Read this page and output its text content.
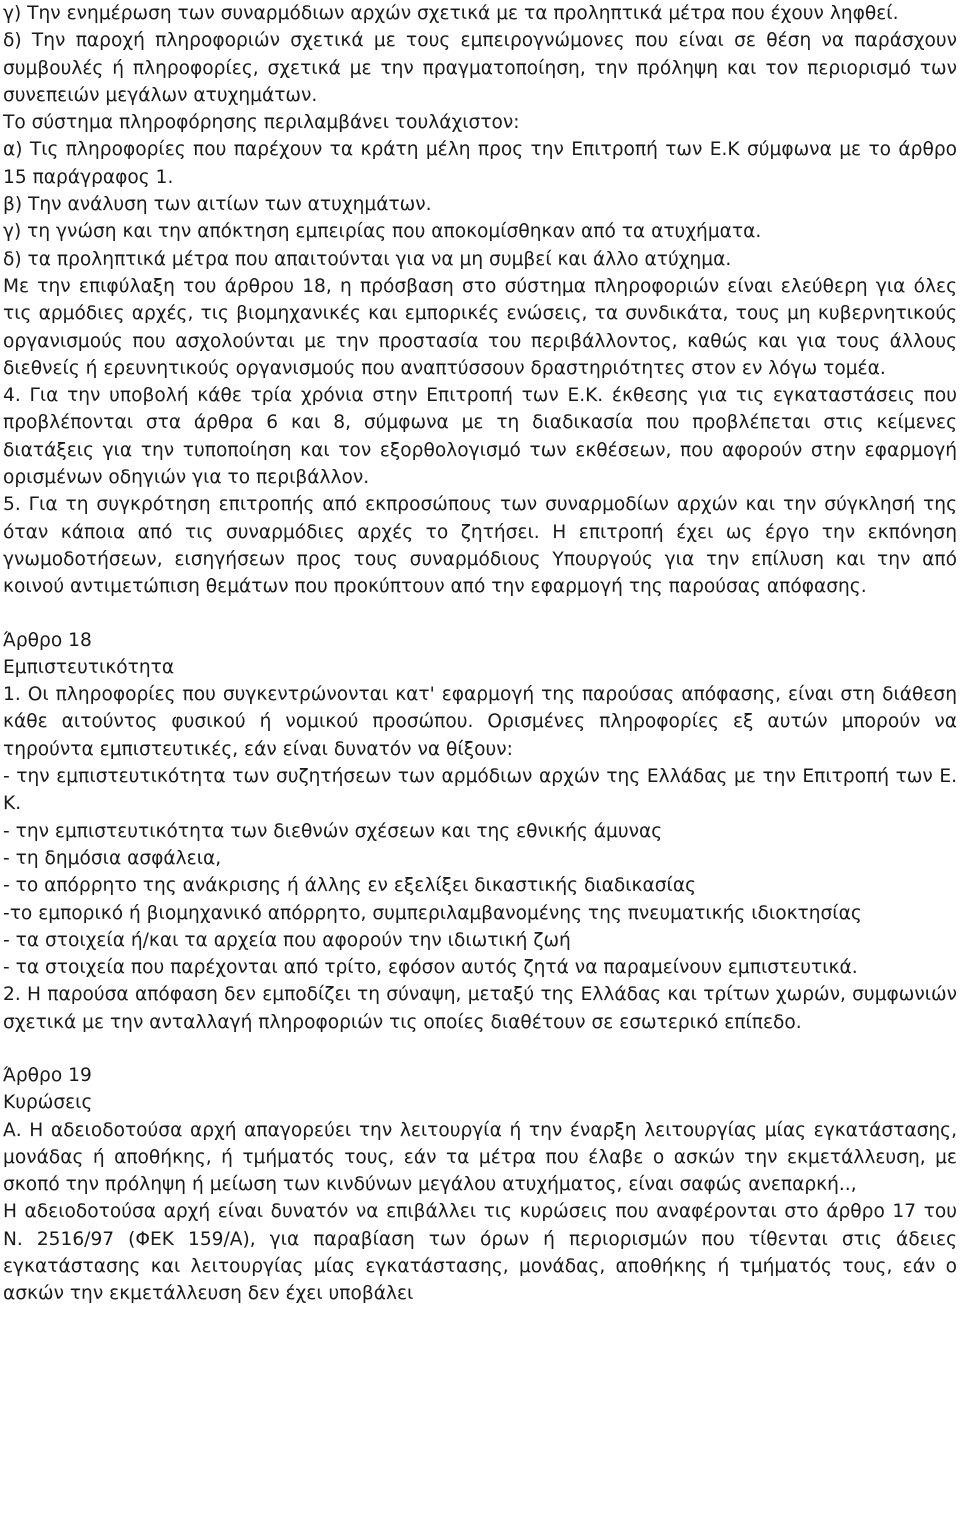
γ) Την ενημέρωση των συναρμόδιων αρχών σχετικά με τα προληπτικά μέτρα που έχουν ληφθεί.

δ) Την παροχή πληροφοριών σχετικά με τους εμπειρογνώμονες που είναι σε θέση να παράσχουν συμβουλές ή πληροφορίες, σχετικά με την πραγματοποίηση, την πρόληψη και τον περιορισμό των συνεπειών μεγάλων ατυχημάτων.

Το σύστημα πληροφόρησης περιλαμβάνει τουλάχιστον:

α) Τις πληροφορίες που παρέχουν τα κράτη μέλη προς την Επιτροπή των Ε.Κ σύμφωνα με το άρθρο 15 παράγραφος 1.

β) Την ανάλυση των αιτίων των ατυχημάτων.

γ) τη γνώση και την απόκτηση εμπειρίας που αποκομίσθηκαν από τα ατυχήματα.

δ) τα προληπτικά μέτρα που απαιτούνται για να μη συμβεί και άλλο ατύχημα.

Με την επιφύλαξη του άρθρου 18, η πρόσβαση στο σύστημα πληροφοριών είναι ελεύθερη για όλες τις αρμόδιες αρχές, τις βιομηχανικές και εμπορικές ενώσεις, τα συνδικάτα, τους μη κυβερνητικούς οργανισμούς που ασχολούνται με την προστασία του περιβάλλοντος, καθώς και για τους άλλους διεθνείς ή ερευνητικούς οργανισμούς που αναπτύσσουν δραστηριότητες στον εν λόγω τομέα.

4. Για την υποβολή κάθε τρία χρόνια στην Επιτροπή των Ε.Κ. έκθεσης για τις εγκαταστάσεις που προβλέπονται στα άρθρα 6 και 8, σύμφωνα με τη διαδικασία που προβλέπεται στις κείμενες διατάξεις για την τυποποίηση και τον εξορθολογισμό των εκθέσεων, που αφορούν στην εφαρμογή ορισμένων οδηγιών για το περιβάλλον.

5. Για τη συγκρότηση επιτροπής από εκπροσώπους των συναρμοδίων αρχών και την σύγκλησή της όταν κάποια από τις συναρμόδιες αρχές το ζητήσει. Η επιτροπή έχει ως έργο την εκπόνηση γνωμοδοτήσεων, εισηγήσεων προς τους συναρμόδιους Υπουργούς για την επίλυση και την από κοινού αντιμετώπιση θεμάτων που προκύπτουν από την εφαρμογή της παρούσας απόφασης.

Άρθρο 18

Εμπιστευτικότητα

1. Οι πληροφορίες που συγκεντρώνονται κατ' εφαρμογή της παρούσας απόφασης, είναι στη διάθεση κάθε αιτούντος φυσικού ή νομικού προσώπου. Ορισμένες πληροφορίες εξ αυτών μπορούν να τηρούντα εμπιστευτικές, εάν είναι δυνατόν να θίξουν:

- την εμπιστευτικότητα των συζητήσεων των αρμόδιων αρχών της Ελλάδας με την Επιτροπή των Ε. Κ.

- την εμπιστευτικότητα των διεθνών σχέσεων και της εθνικής άμυνας

- τη δημόσια ασφάλεια,

- το απόρρητο της ανάκρισης ή άλλης εν εξελίξει δικαστικής διαδικασίας

-το εμπορικό ή βιομηχανικό απόρρητο, συμπεριλαμβανομένης της πνευματικής ιδιοκτησίας

- τα στοιχεία ή/και τα αρχεία που αφορούν την ιδιωτική ζωή

- τα στοιχεία που παρέχονται από τρίτο, εφόσον αυτός ζητά να παραμείνουν εμπιστευτικά.

2. Η παρούσα απόφαση δεν εμποδίζει τη σύναψη, μεταξύ της Ελλάδας και τρίτων χωρών, συμφωνιών σχετικά με την ανταλλαγή πληροφοριών τις οποίες διαθέτουν σε εσωτερικό επίπεδο.

Άρθρο 19

Κυρώσεις

Α. Η αδειοδοτούσα αρχή απαγορεύει την λειτουργία ή την έναρξη λειτουργίας μίας εγκατάστασης, μονάδας ή αποθήκης, ή τμήματός τους, εάν τα μέτρα που έλαβε ο ασκών την εκμετάλλευση, με σκοπό την πρόληψη ή μείωση των κινδύνων μεγάλου ατυχήματος, είναι σαφώς ανεπαρκή..,

Η αδειοδοτούσα αρχή είναι δυνατόν να επιβάλλει τις κυρώσεις που αναφέρονται στο άρθρο 17 του Ν. 2516/97 (ΦΕΚ 159/Α), για παραβίαση των όρων ή περιορισμών που τίθενται στις άδειες εγκατάστασης και λειτουργίας μίας εγκατάστασης, μονάδας, αποθήκης ή τμήματός τους, εάν ο ασκών την εκμετάλλευση δεν έχει υποβάλει
